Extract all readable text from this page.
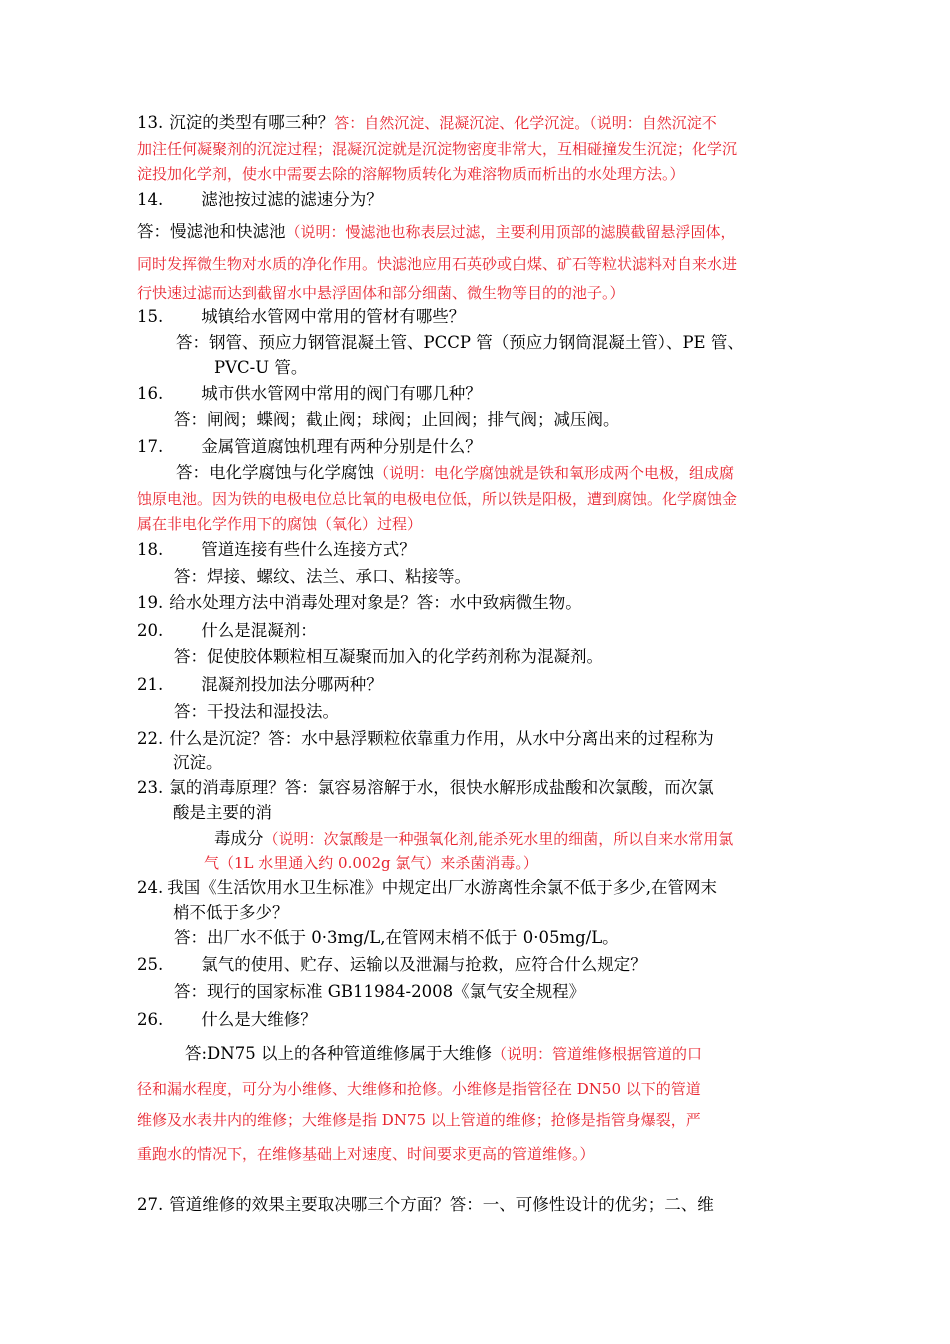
13. 沉淀的类型有哪三种？答：自然沉淀、混凝沉淀、化学沉淀。（说明：自然沉淀不
加注任何凝聚剂的沉淀过程；混凝沉淀就是沉淀物密度非常大，互相碰撞发生沉淀；化学沉
淀投加化学剂，使水中需要去除的溶解物质转化为难溶物质而析出的水处理方法。）
14. 滤池按过滤的滤速分为？
答：慢滤池和快滤池（说明：慢滤池也称表层过滤，主要利用顶部的滤膜截留悬浮固体，
同时发挥微生物对水质的净化作用。快滤池应用石英砂或白煤、矿石等粒状滤料对自来水进
行快速过滤而达到截留水中悬浮固体和部分细菌、微生物等目的的池子。）
15. 城镇给水管网中常用的管材有哪些？
答：钢管、预应力钢管混凝土管、PCCP 管（预应力钢筒混凝土管）、PE 管、
PVC-U 管。
16. 城市供水管网中常用的阀门有哪几种？
答：闸阀；蝶阀；截止阀；球阀；止回阀；排气阀；减压阀。
17. 金属管道腐蚀机理有两种分别是什么？
答：电化学腐蚀与化学腐蚀（说明：电化学腐蚀就是铁和氧形成两个电极，组成腐
蚀原电池。因为铁的电极电位总比氧的电极电位低，所以铁是阳极，遭到腐蚀。化学腐蚀金
属在非电化学作用下的腐蚀（氧化）过程）
18. 管道连接有些什么连接方式？
答：焊接、螺纹、法兰、承口、粘接等。
19. 给水处理方法中消毒处理对象是？答：水中致病微生物。
20. 什么是混凝剂：
答：促使胶体颗粒相互凝聚而加入的化学药剂称为混凝剂。
21. 混凝剂投加法分哪两种？
答：干投法和湿投法。
22. 什么是沉淀？答：水中悬浮颗粒依靠重力作用，从水中分离出来的过程称为
沉淀。
23. 氯的消毒原理？答：氯容易溶解于水，很快水解形成盐酸和次氯酸，而次氯
酸是主要的消
毒成分（说明：次氯酸是一种强氧化剂,能杀死水里的细菌，所以自来水常用氯
气（1L 水里通入约 0.002g 氯气）来杀菌消毒。）
24. 我国《生活饮用水卫生标准》中规定出厂水游离性余氯不低于多少,在管网末
梢不低于多少？
答：出厂水不低于 0·3mg/L,在管网末梢不低于 0·05mg/L。
25. 氯气的使用、贮存、运输以及泄漏与抢救，应符合什么规定？
答：现行的国家标准 GB11984-2008《氯气安全规程》
26. 什么是大维修？
答:DN75 以上的各种管道维修属于大维修（说明：管道维修根据管道的口
径和漏水程度，可分为小维修、大维修和抢修。小维修是指管径在 DN50 以下的管道
维修及水表井内的维修；大维修是指 DN75 以上管道的维修；抢修是指管身爆裂，严
重跑水的情况下，在维修基础上对速度、时间要求更高的管道维修。）
27. 管道维修的效果主要取决哪三个方面？答：一、可修性设计的优劣；二、维
